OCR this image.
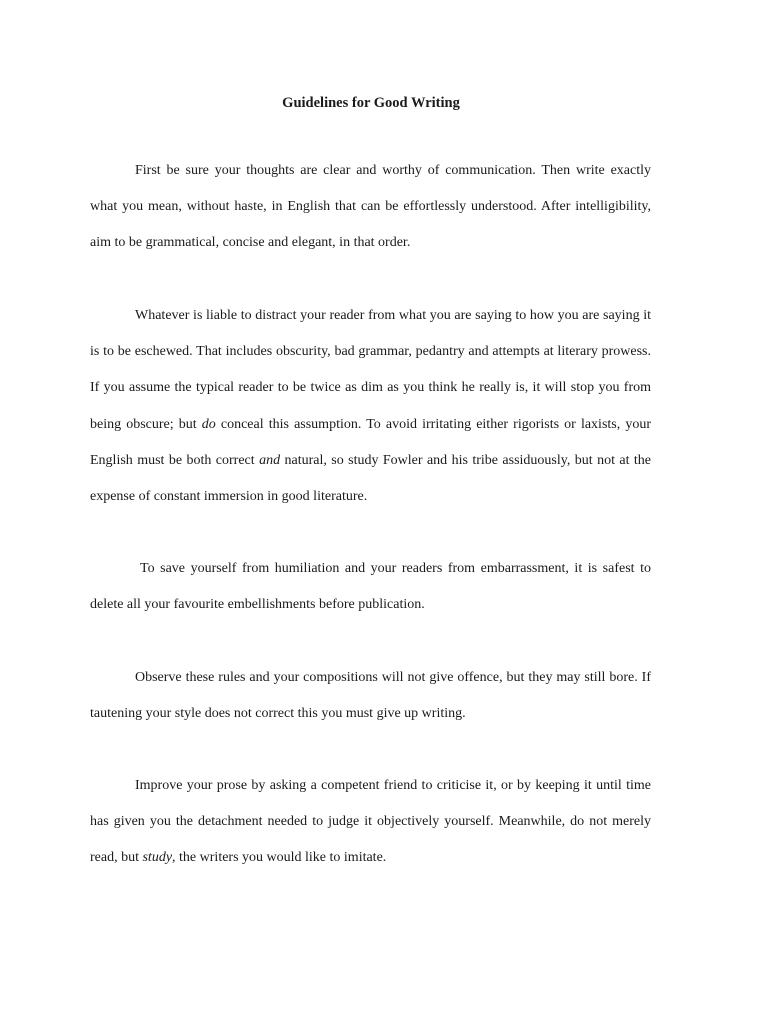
Guidelines for Good Writing

First be sure your thoughts are clear and worthy of communication. Then write exactly what you mean, without haste, in English that can be effortlessly understood. After intelligibility, aim to be grammatical, concise and elegant, in that order.

Whatever is liable to distract your reader from what you are saying to how you are saying it is to be eschewed. That includes obscurity, bad grammar, pedantry and attempts at literary prowess. If you assume the typical reader to be twice as dim as you think he really is, it will stop you from being obscure; but do conceal this assumption. To avoid irritating either rigorists or laxists, your English must be both correct and natural, so study Fowler and his tribe assiduously, but not at the expense of constant immersion in good literature.

To save yourself from humiliation and your readers from embarrassment, it is safest to delete all your favourite embellishments before publication.

Observe these rules and your compositions will not give offence, but they may still bore. If tautening your style does not correct this you must give up writing.

Improve your prose by asking a competent friend to criticise it, or by keeping it until time has given you the detachment needed to judge it objectively yourself. Meanwhile, do not merely read, but study, the writers you would like to imitate.
